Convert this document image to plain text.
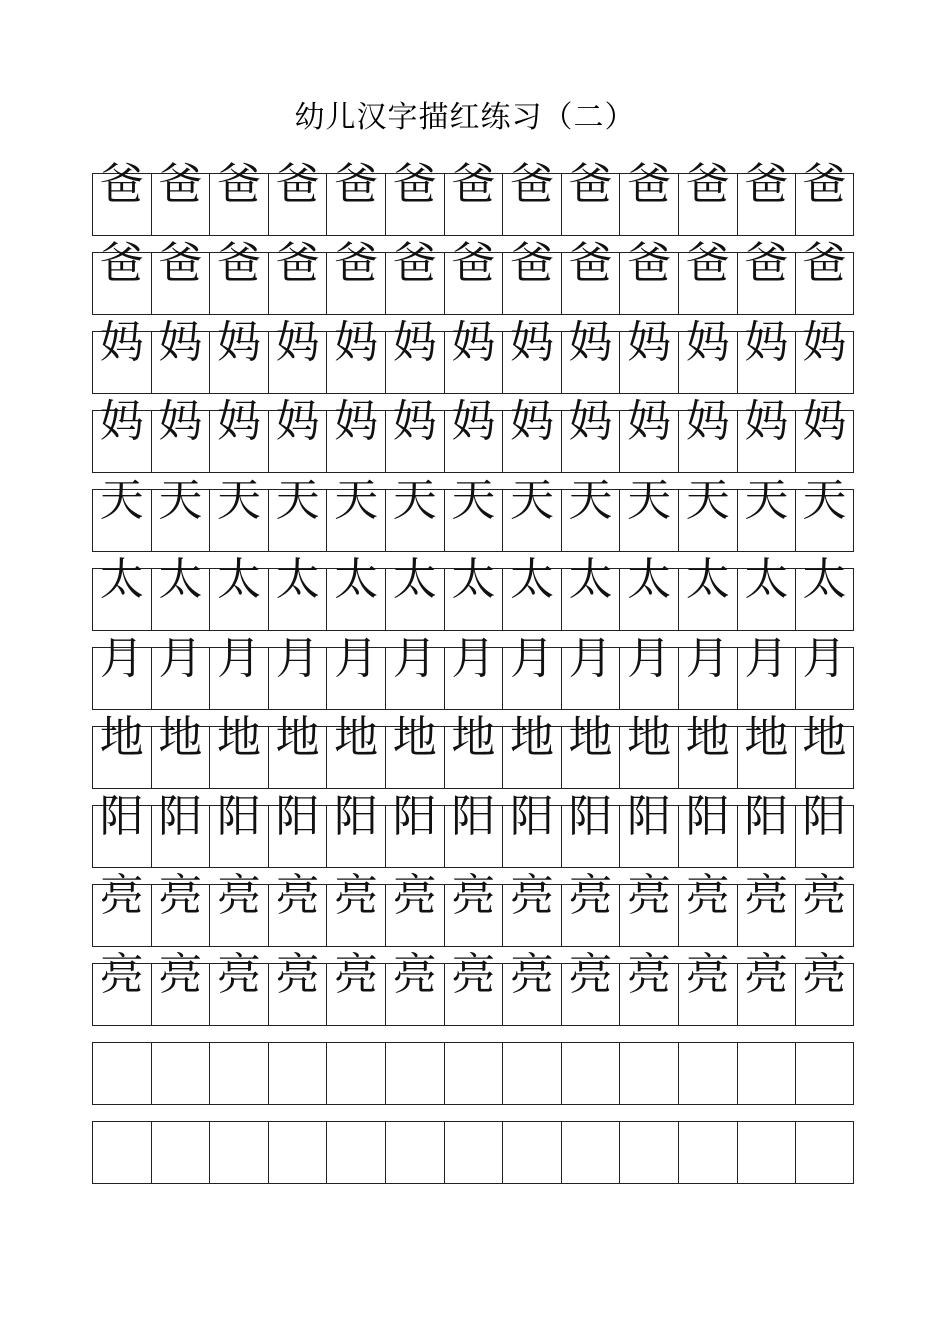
幼儿汉字描红练习（二）
爸 爸 爸 爸 爸 爸 爸 爸 爸 爸 爸 爸 爸
爸 爸 爸 爸 爸 爸 爸 爸 爸 爸 爸 爸 爸
妈 妈 妈 妈 妈 妈 妈 妈 妈 妈 妈 妈 妈
妈 妈 妈 妈 妈 妈 妈 妈 妈 妈 妈 妈 妈
天 天 天 天 天 天 天 天 天 天 天 天 天
太 太 太 太 太 太 太 太 太 太 太 太 太
月 月 月 月 月 月 月 月 月 月 月 月 月
地 地 地 地 地 地 地 地 地 地 地 地 地
阳 阳 阳 阳 阳 阳 阳 阳 阳 阳 阳 阳 阳
亮 亮 亮 亮 亮 亮 亮 亮 亮 亮 亮 亮 亮
亮 亮 亮 亮 亮 亮 亮 亮 亮 亮 亮 亮 亮
